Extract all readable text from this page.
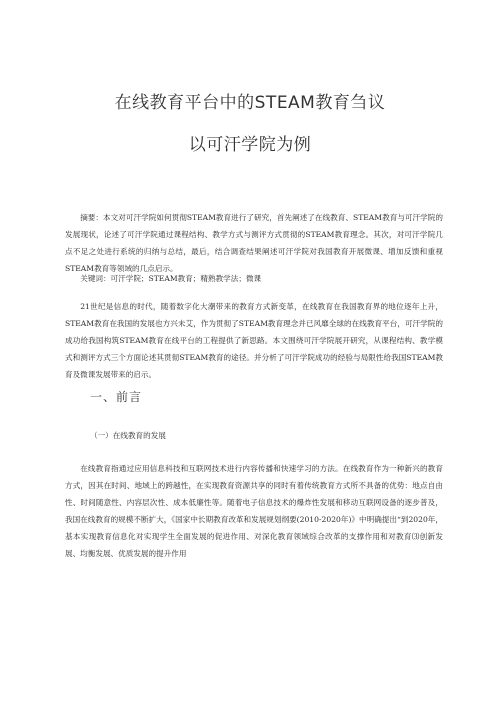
在线教育平台中的STEAM教育刍议
以可汗学院为例

摘要：本文对可汗学院如何贯彻STEAM教育进行了研究，首先阐述了在线教育、STEAM教育与可汗学院的发展现状，论述了可汗学院通过课程结构、教学方式与测评方式贯彻的STEAM教育理念。其次，对可汗学院几点不足之处进行系统的归纳与总结，最后，结合调查结果阐述可汗学院对我国教育开展微课、增加反馈和重视STEAM教育等领域的几点启示。

关键词：可汗学院；STEAM教育；精熟教学法；微课

21世纪是信息的时代，随着数字化大潮带来的教育方式新变革，在线教育在我国教育界的地位逐年上升，STEAM教育在我国的发展也方兴未艾，作为贯彻了STEAM教育理念并已风靡全球的在线教育平台，可汗学院的成功给我国构筑STEAM教育在线平台的工程提供了新思路。本文围绕可汗学院展开研究，从课程结构、教学模式和测评方式三个方面论述其贯彻STEAM教育的途径。并分析了可汗学院成功的经验与局限性给我国STEAM教育及微课发展带来的启示。

一、前言
（一）在线教育的发展

在线教育指通过应用信息科技和互联网技术进行内容传播和快速学习的方法。在线教育作为一种新兴的教育方式，因其在时间、地域上的跨越性，在实现教育资源共享的同时有着传统教育方式所不具备的优势：地点自由性、时间随意性、内容层次性、成本低廉性等。随着电子信息技术的爆炸性发展和移动互联网设备的逐步普及，我国在线教育的规模不断扩大，《国家中长期教育改革和发展规划纲要(2010-2020年)》中明确提出“到2020年，基本实现教育信息化对实现学生全面发展的促进作用、对深化教育领域综合改革的支撑作用和对教育⑶创新发展、均衡发展、优质发展的提升作用
